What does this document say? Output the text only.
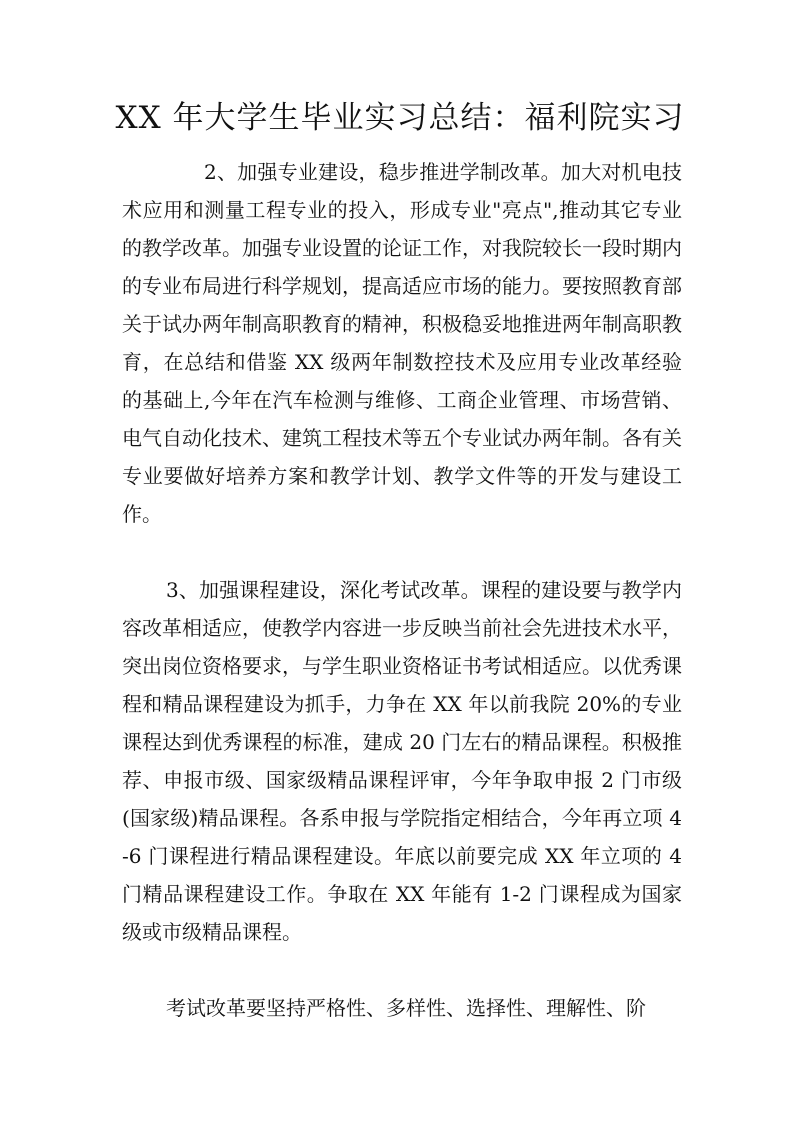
XX 年大学生毕业实习总结：福利院实习

2、加强专业建设，稳步推进学制改革。加大对机电技术应用和测量工程专业的投入，形成专业"亮点",推动其它专业的教学改革。加强专业设置的论证工作，对我院较长一段时期内的专业布局进行科学规划，提高适应市场的能力。要按照教育部关于试办两年制高职教育的精神，积极稳妥地推进两年制高职教育，在总结和借鉴 XX 级两年制数控技术及应用专业改革经验的基础上,今年在汽车检测与维修、工商企业管理、市场营销、电气自动化技术、建筑工程技术等五个专业试办两年制。各有关专业要做好培养方案和教学计划、教学文件等的开发与建设工作。

3、加强课程建设，深化考试改革。课程的建设要与教学内容改革相适应，使教学内容进一步反映当前社会先进技术水平，突出岗位资格要求，与学生职业资格证书考试相适应。以优秀课程和精品课程建设为抓手，力争在 XX 年以前我院 20%的专业课程达到优秀课程的标准，建成 20 门左右的精品课程。积极推荐、申报市级、国家级精品课程评审，今年争取申报 2 门市级(国家级)精品课程。各系申报与学院指定相结合，今年再立项 4-6 门课程进行精品课程建设。年底以前要完成 XX 年立项的 4 门精品课程建设工作。争取在 XX 年能有 1-2 门课程成为国家级或市级精品课程。

考试改革要坚持严格性、多样性、选择性、理解性、阶
